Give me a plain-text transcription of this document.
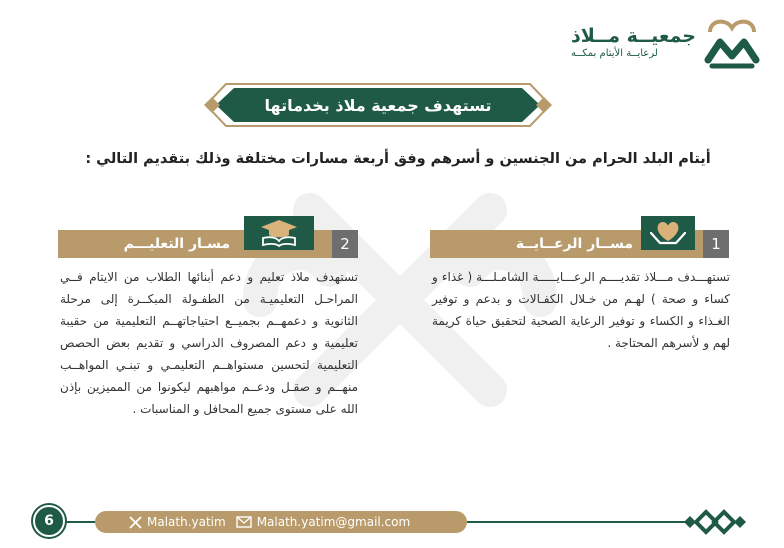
جمعيــة مــلاذ
لرعايــة الأيتام بمكــه
تستهدف جمعية ملاذ بخدماتها
أيتام البلد الحرام من الجنسين و أسرهم وفق أربعة مسارات مختلفة وذلك بتقديم التالي :
1
مســار الرعــايــة
تستهـــدف مـــلاذ تقديــــم الرعـــايـــــة الشامـلـــة ( غذاء و كساء و صحة ) لهـم من خـلال الكفـالات و بدعم و توفير الغـذاء و الكساء و توفير الرعاية الصحية لتحقيق حياة كريمة لهم و لأسرهم المحتاجة .
2
مسـار التعليـــم
تستهدف ملاذ تعليم و دعم أبنائها الطلاب من الايتام فــي المراحـل التعليميـة من الطفـولة المبكــرة إلى مرحلة الثانوية و دعمهــم بجميــع احتياجاتهــم التعليمية من حقيبة تعليمية و دعم المصروف الدراسي و تقديم بعض الحصص التعليمية لتحسين مستواهــم التعليمـي و تبنـي المواهــب منهــم و صقـل ودعــم مواهبهم ليكونوا من المميزين بإذن الله على مستوى جميع المحافل و المناسبات .
6	Malath.yatim	Malath.yatim@gmail.com
